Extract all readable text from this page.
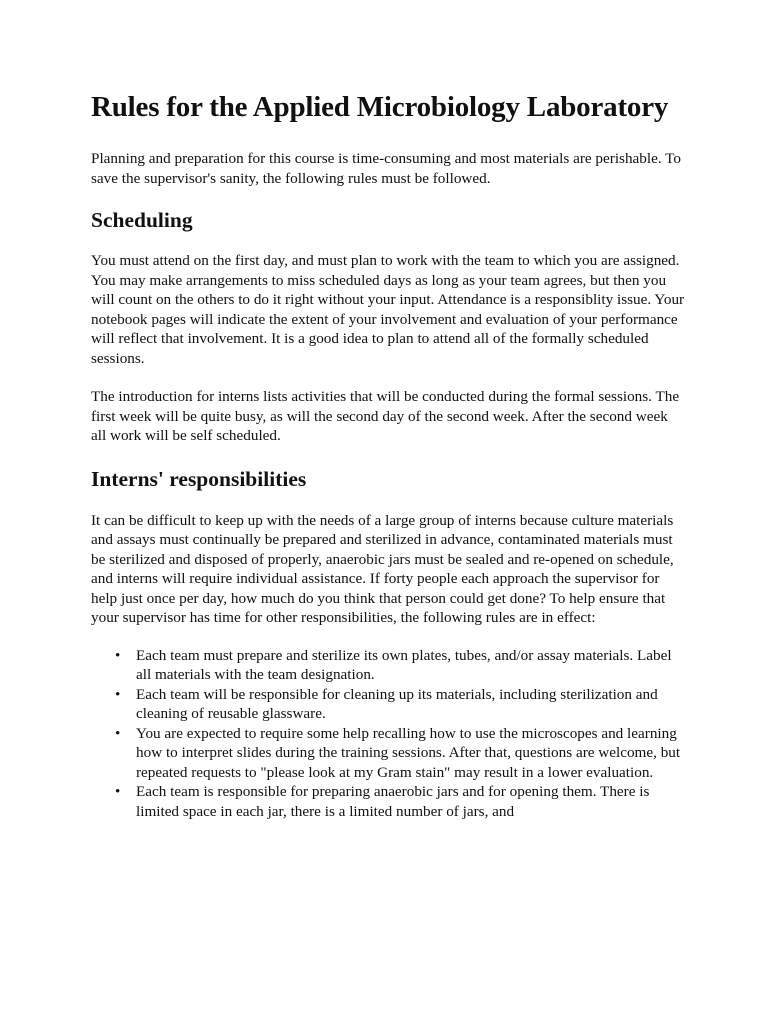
Rules for the Applied Microbiology Laboratory

Planning and preparation for this course is time-consuming and most materials are perishable. To save the supervisor's sanity, the following rules must be followed.

Scheduling

You must attend on the first day, and must plan to work with the team to which you are assigned. You may make arrangements to miss scheduled days as long as your team agrees, but then you will count on the others to do it right without your input. Attendance is a responsiblity issue. Your notebook pages will indicate the extent of your involvement and evaluation of your performance will reflect that involvement. It is a good idea to plan to attend all of the formally scheduled sessions.

The introduction for interns lists activities that will be conducted during the formal sessions. The first week will be quite busy, as will the second day of the second week. After the second week all work will be self scheduled.

Interns' responsibilities

It can be difficult to keep up with the needs of a large group of interns because culture materials and assays must continually be prepared and sterilized in advance, contaminated materials must be sterilized and disposed of properly, anaerobic jars must be sealed and re-opened on schedule, and interns will require individual assistance. If forty people each approach the supervisor for help just once per day, how much do you think that person could get done? To help ensure that your supervisor has time for other responsibilities, the following rules are in effect:

• Each team must prepare and sterilize its own plates, tubes, and/or assay materials. Label all materials with the team designation.
• Each team will be responsible for cleaning up its materials, including sterilization and cleaning of reusable glassware.
• You are expected to require some help recalling how to use the microscopes and learning how to interpret slides during the training sessions. After that, questions are welcome, but repeated requests to "please look at my Gram stain" may result in a lower evaluation.
• Each team is responsible for preparing anaerobic jars and for opening them. There is limited space in each jar, there is a limited number of jars, and
